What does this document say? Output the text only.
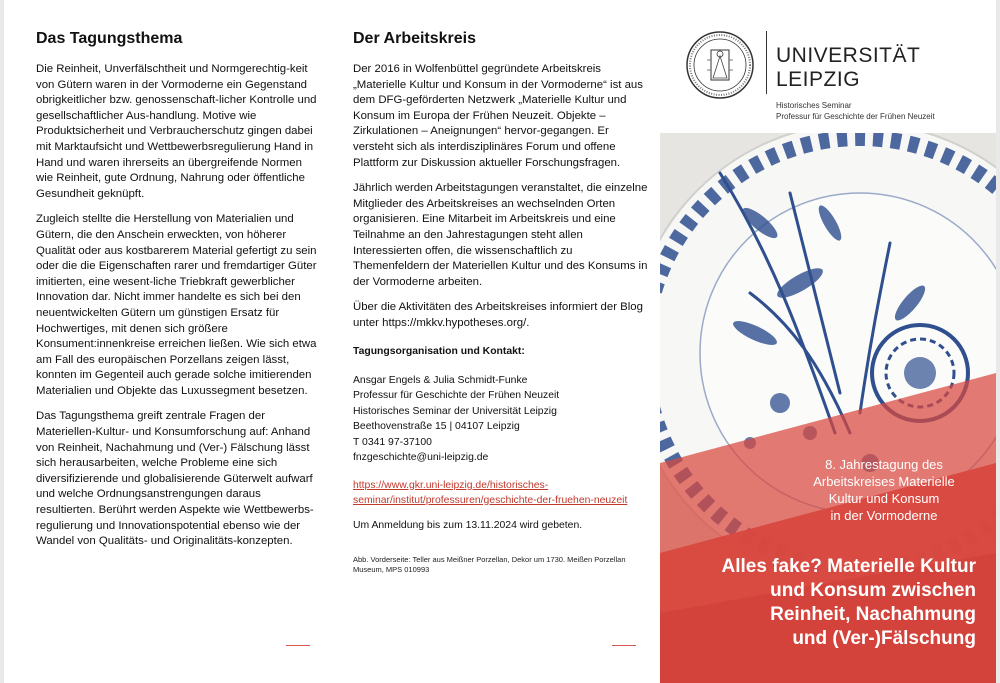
Das Tagungsthema

Die Reinheit, Unverfälschtheit und Normgerechtig-keit von Gütern waren in der Vormoderne ein Gegenstand obrigkeitlicher bzw. genossenschaft-licher Kontrolle und gesellschaftlicher Aus-handlung. Motive wie Produktsicherheit und Verbraucherschutz gingen dabei mit Marktaufsicht und Wettbewerbsregulierung Hand in Hand und waren ihrerseits an übergreifende Normen wie Reinheit, gute Ordnung, Nahrung oder öffentliche Gesundheit geknüpft.

Zugleich stellte die Herstellung von Materialien und Gütern, die den Anschein erweckten, von höherer Qualität oder aus kostbarerem Material gefertigt zu sein oder die die Eigenschaften rarer und fremdartiger Güter imitierten, eine wesent-liche Triebkraft gewerblicher Innovation dar. Nicht immer handelte es sich bei den neuentwickelten Gütern um günstigen Ersatz für Hochwertiges, mit denen sich größere Konsument:innenkreise erreichen ließen. Wie sich etwa am Fall des europäischen Porzellans zeigen lässt, konnten im Gegenteil auch gerade solche imitierenden Materialien und Objekte das Luxussegment besetzen.

Das Tagungsthema greift zentrale Fragen der Materiellen-Kultur- und Konsumforschung auf: Anhand von Reinheit, Nachahmung und (Ver-) Fälschung lässt sich herausarbeiten, welche Probleme eine sich diversifizierende und globalisierende Güterwelt aufwarf und welche Ordnungsanstrengungen daraus resultierten. Berührt werden Aspekte wie Wettbewerbs-regulierung und Innovationspotential ebenso wie der Wandel von Qualitäts- und Originalitäts-konzepten.

Der Arbeitskreis

Der 2016 in Wolfenbüttel gegründete Arbeitskreis „Materielle Kultur und Konsum in der Vormoderne“ ist aus dem DFG-geförderten Netzwerk „Materielle Kultur und Konsum im Europa der Frühen Neuzeit. Objekte – Zirkulationen – Aneignungen“ hervor-gegangen. Er versteht sich als interdisziplinäres Forum und offene Plattform zur Diskussion aktueller Forschungsfragen.

Jährlich werden Arbeitstagungen veranstaltet, die einzelne Mitglieder des Arbeitskreises an wechselnden Orten organisieren. Eine Mitarbeit im Arbeitskreis und eine Teilnahme an den Jahrestagungen steht allen Interessierten offen, die wissenschaftlich zu Themenfeldern der Materiellen Kultur und des Konsums in der Vormoderne arbeiten.

Über die Aktivitäten des Arbeitskreises informiert der Blog unter https://mkkv.hypotheses.org/.

Tagungsorganisation und Kontakt:

Ansgar Engels & Julia Schmidt-Funke

Professur für Geschichte der Frühen Neuzeit

Historisches Seminar der Universität Leipzig

Beethovenstraße 15 | 04107 Leipzig

T 0341 97-37100

fnzgeschichte@uni-leipzig.de

https://www.gkr.uni-leipzig.de/historisches-seminar/institut/professuren/geschichte-der-fruehen-neuzeit

Um Anmeldung bis zum 13.11.2024 wird gebeten.

Abb. Vorderseite: Teller aus Meißner Porzellan, Dekor um 1730. Meißen Porzellan Museum, MPS 010993
UNIVERSITÄT
LEIPZIG
Historisches Seminar
Professur für Geschichte der Frühen Neuzeit
8. Jahrestagung des
Arbeitskreises Materielle
Kultur und Konsum
in der Vormoderne
Alles fake? Materielle Kultur
und Konsum zwischen
Reinheit, Nachahmung
und (Ver-)Fälschung
